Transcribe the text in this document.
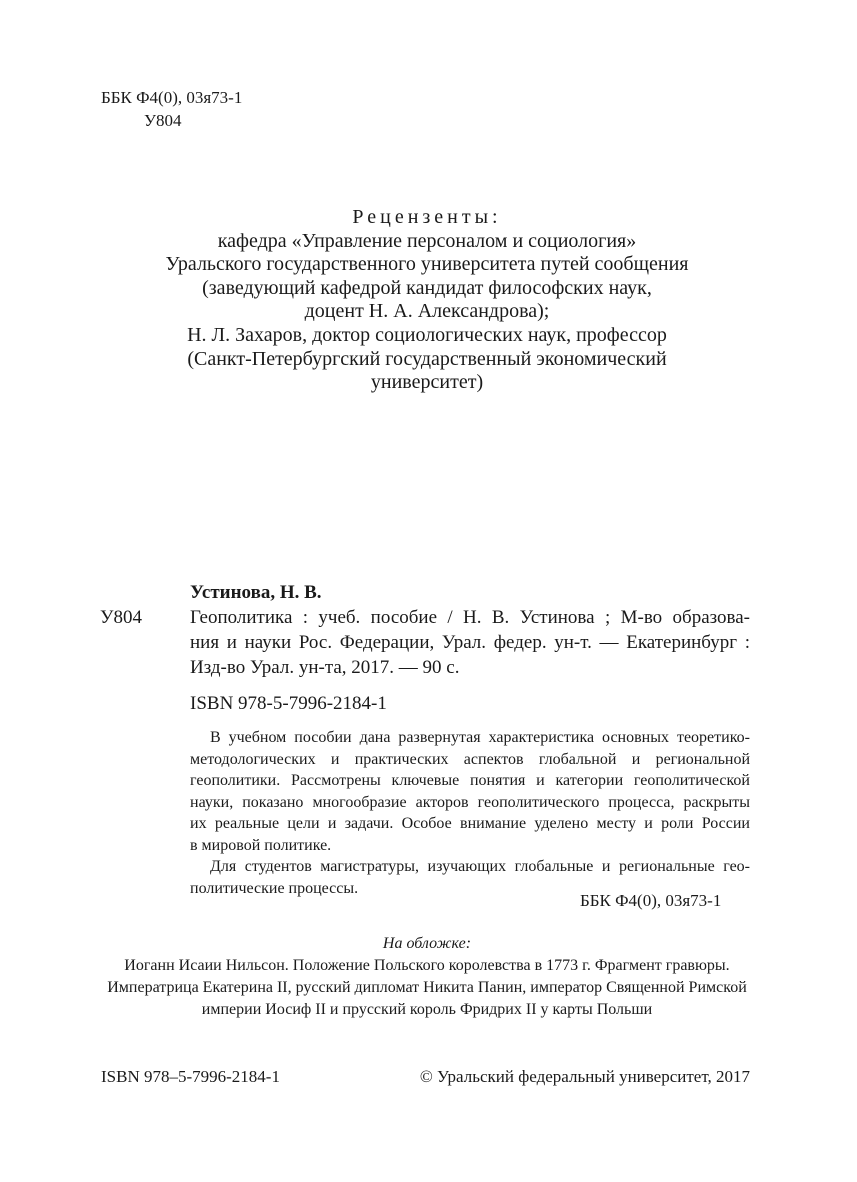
ББК Ф4(0), 03я73-1
У804
Рецензенты:
кафедра «Управление персоналом и социология»
Уральского государственного университета путей сообщения
(заведующий кафедрой кандидат философских наук,
доцент Н. А. Александрова);
Н. Л. Захаров, доктор социологических наук, профессор
(Санкт-Петербургский государственный экономический
университет)
Устинова, Н. В.
У804	Геополитика : учеб. пособие / Н. В. Устинова ; М-во образова-
ния и науки Рос. Федерации, Урал. федер. ун-т. — Екатеринбург :
Изд-во Урал. ун-та, 2017. — 90 с.
ISBN 978-5-7996-2184-1
В учебном пособии дана развернутая характеристика основных теоретико-
методологических и практических аспектов глобальной и региональной
геополитики. Рассмотрены ключевые понятия и категории геополитической
науки, показано многообразие акторов геополитического процесса, раскрыты
их реальные цели и задачи. Особое внимание уделено месту и роли России
в мировой политике.
Для студентов магистратуры, изучающих глобальные и региональные гео-
политические процессы.
ББК Ф4(0), 03я73-1
На обложке:
Иоганн Исаии Нильсон. Положение Польского королевства в 1773 г. Фрагмент гравюры.
Императрица Екатерина II, русский дипломат Никита Панин, император Священной Римской
империи Иосиф II и прусский король Фридрих II у карты Польши
ISBN 978–5-7996-2184-1	© Уральский федеральный университет, 2017
